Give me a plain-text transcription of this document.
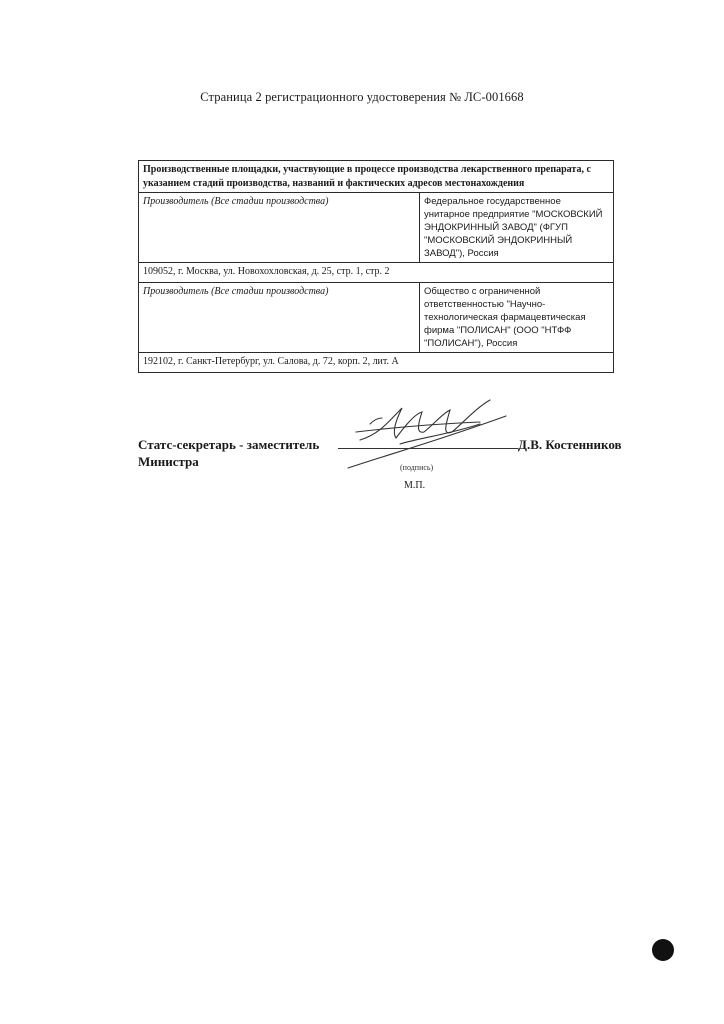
Страница 2 регистрационного удостоверения № ЛС-001668
Производственные площадки, участвующие в процессе производства лекарственного препарата, с указанием стадий производства, названий и фактических адресов местонахождения	
Производитель (Все стадии производства)	Федеральное государственное унитарное предприятие "МОСКОВСКИЙ ЭНДОКРИННЫЙ ЗАВОД" (ФГУП "МОСКОВСКИЙ ЭНДОКРИННЫЙ ЗАВОД"), Россия
109052, г. Москва, ул. Новохохловская, д. 25, стр. 1, стр. 2	
Производитель (Все стадии производства)	Общество с ограниченной ответственностью "Научно-технологическая фармацевтическая фирма "ПОЛИСАН" (ООО "НТФФ "ПОЛИСАН"), Россия
192102, г. Санкт-Петербург, ул. Салова, д. 72, корп. 2, лит. А	
Статс-секретарь - заместитель
Министра
Д.В. Костенников
(подпись)
М.П.
